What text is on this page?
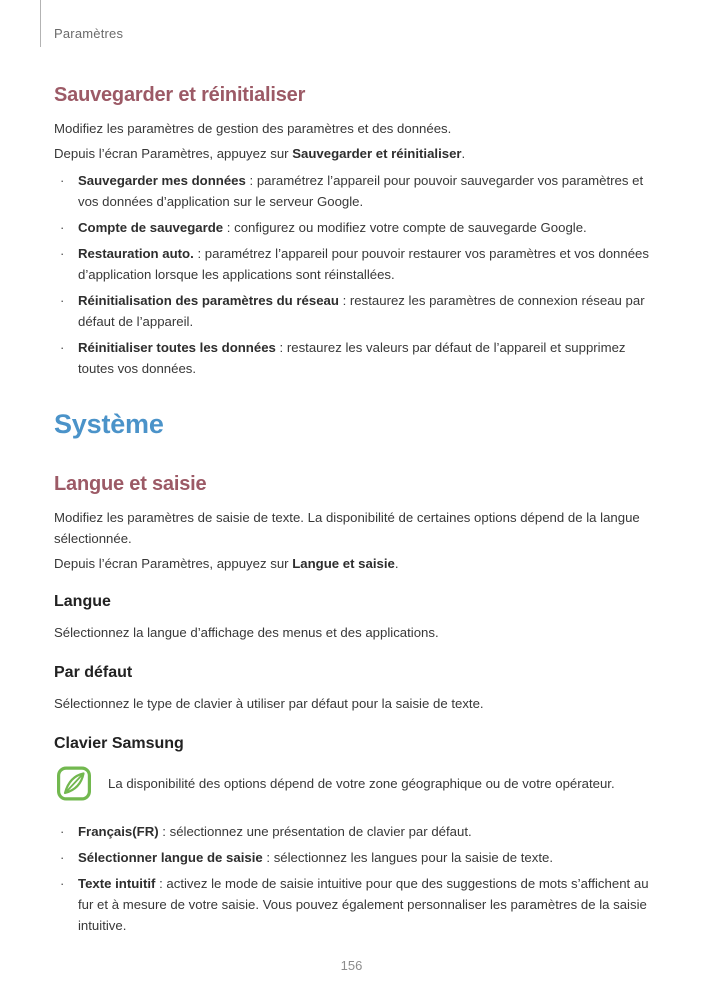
Paramètres
Sauvegarder et réinitialiser

Modifiez les paramètres de gestion des paramètres et des données.

Depuis l’écran Paramètres, appuyez sur Sauvegarder et réinitialiser.

· Sauvegarder mes données : paramétrez l’appareil pour pouvoir sauvegarder vos paramètres et vos données d’application sur le serveur Google.
· Compte de sauvegarde : configurez ou modifiez votre compte de sauvegarde Google.
· Restauration auto. : paramétrez l’appareil pour pouvoir restaurer vos paramètres et vos données d’application lorsque les applications sont réinstallées.
· Réinitialisation des paramètres du réseau : restaurez les paramètres de connexion réseau par défaut de l’appareil.
· Réinitialiser toutes les données : restaurez les valeurs par défaut de l’appareil et supprimez toutes vos données.
Système
Langue et saisie

Modifiez les paramètres de saisie de texte. La disponibilité de certaines options dépend de la langue sélectionnée.

Depuis l’écran Paramètres, appuyez sur Langue et saisie.

Langue

Sélectionnez la langue d’affichage des menus et des applications.

Par défaut

Sélectionnez le type de clavier à utiliser par défaut pour la saisie de texte.

Clavier Samsung
La disponibilité des options dépend de votre zone géographique ou de votre opérateur.
· Français(FR) : sélectionnez une présentation de clavier par défaut.
· Sélectionner langue de saisie : sélectionnez les langues pour la saisie de texte.
· Texte intuitif : activez le mode de saisie intuitive pour que des suggestions de mots s’affichent au fur et à mesure de votre saisie. Vous pouvez également personnaliser les paramètres de la saisie intuitive.
156
